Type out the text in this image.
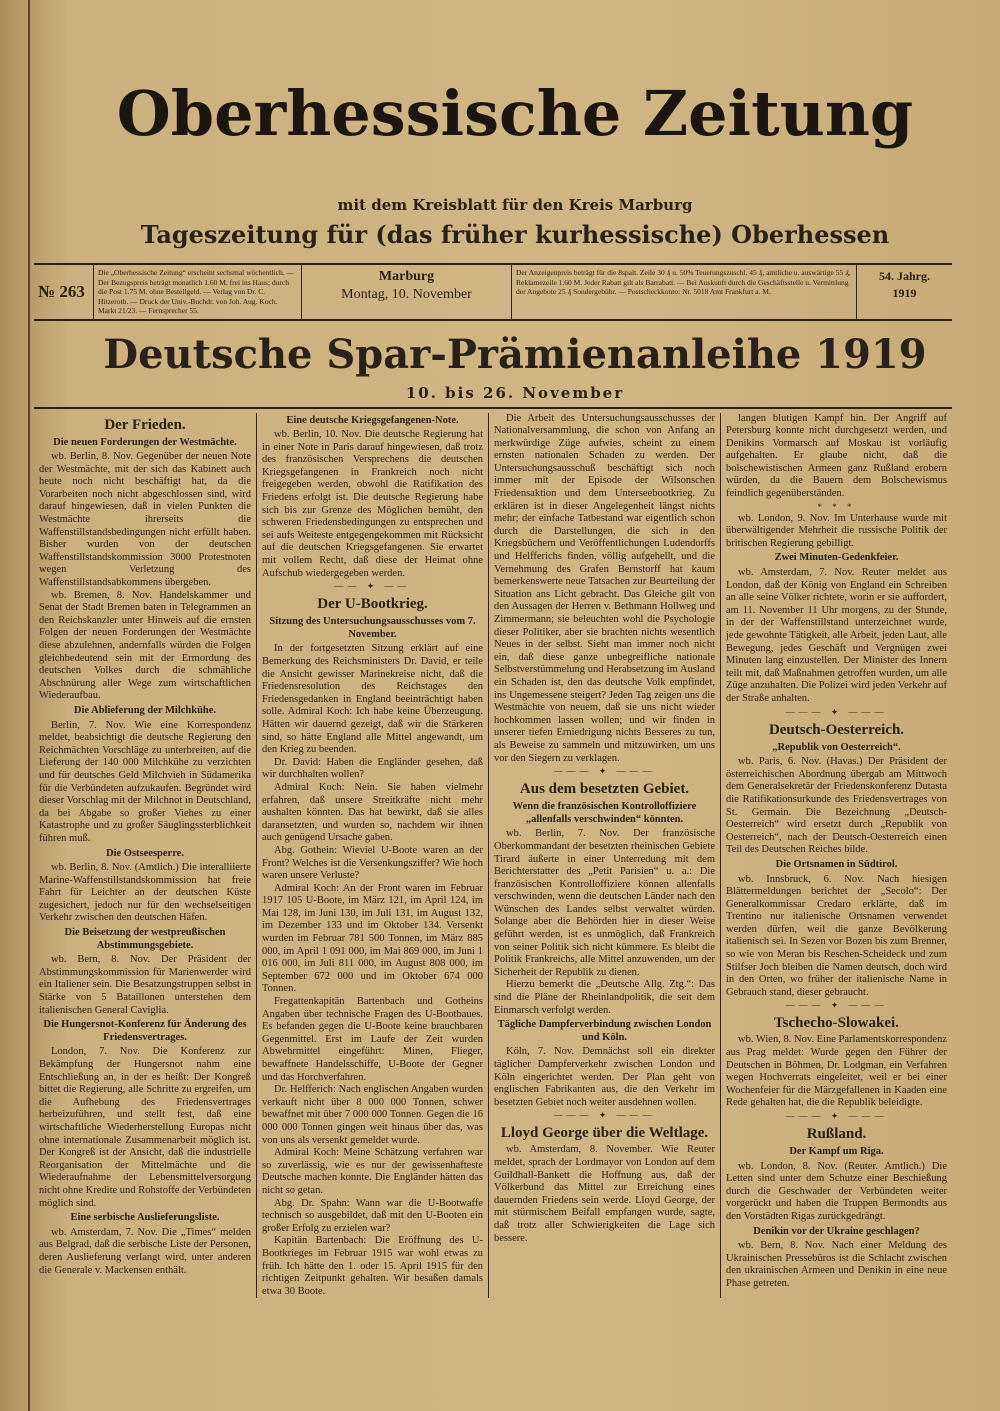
Oberhessische Zeitung
mit dem Kreisblatt für den Kreis Marburg
Tageszeitung für (das früher kurhessische) Oberhessen
№ 263
Die „Oberhessische Zeitung“ erscheint sechsmal wöchentlich. — Der Bezugspreis beträgt monatlich 1.60 M. frei ins Haus; durch die Post 1.75 M. ohne Bestellgeld. — Verlag von Dr. C. Hitzeroth. — Druck der Univ.-Buchdr. von Joh. Aug. Koch. Markt 21/23. — Fernsprecher 55.
Marburg
Montag, 10. November
Der Anzeigenpreis beträgt für die 8spalt. Zeile 30 ₰ u. 50% Teuerungszuschl. 45 ₰, amtliche u. auswärtige 55 ₰, Reklamezeile 1.60 M. Jeder Rabatt gilt als Barrabatt. — Bei Auskunft durch die Geschäftsstelle u. Vermittlung der Angebote 25 ₰ Sondergebühr. — Postscheckkonto: Nr. 5018 Amt Frankfurt a. M.
54. Jahrg.
1919
Deutsche Spar-Prämienanleihe 1919
10. bis 26. November
Der Frieden.
Die neuen Forderungen der Westmächte.
wb. Berlin, 8. Nov. Gegenüber der neuen Note der Westmächte, mit der sich das Kabinett auch heute noch nicht beschäftigt hat, da die Vorarbeiten noch nicht abgeschlossen sind, wird darauf hingewiesen, daß in vielen Punkten die Westmächte ihrerseits die Waffenstillstandsbedingungen nicht erfüllt haben. Bisher wurden von der deutschen Waffenstillstandskommission 3000 Protestnoten wegen Verletzung des Waffenstillstandsabkommens übergeben.
wb. Bremen, 8. Nov. Handelskammer und Senat der Stadt Bremen baten in Telegrammen an den Reichskanzler unter Hinweis auf die ernsten Folgen der neuen Forderungen der Westmächte diese abzulehnen, andernfalls würden die Folgen gleichbedeutend sein mit der Ermordung des deutschen Volkes durch die schmähliche Abschnürung aller Wege zum wirtschaftlichen Wiederaufbau.
Die Ablieferung der Milchkühe.
Berlin, 7. Nov. Wie eine Korrespondenz meldet, beabsichtigt die deutsche Regierung den Reichmächten Vorschläge zu unterbreiten, auf die Lieferung der 140 000 Milchkühe zu verzichten und für deutsches Geld Milchvieh in Südamerika für die Verbündeten aufzukaufen. Begründet wird dieser Vorschlag mit der Milchnot in Deutschland, da bei Abgabe so großer Viehes zu einer Katastrophe und zu großer Säuglingssterblichkeit führen muß.
Die Ostseesperre.
wb. Berlin, 8. Nov. (Amtlich.) Die interalliierte Marine-Waffenstillstandskommission hat freie Fahrt für Leichter an der deutschen Küste zugesichert, jedoch nur für den wechselseitigen Verkehr zwischen den deutschen Häfen.
Die Beisetzung der westpreußischen Abstimmungsgebiete.
wb. Bern, 8. Nov. Der Präsident der Abstimmungskommission für Marienwerder wird ein Italiener sein. Die Besatzungstruppen selbst in Stärke von 5 Bataillonen unterstehen dem italienischen General Caviglia.
Die Hungersnot-Konferenz für Änderung des Friedensvertrages.
London, 7. Nov. Die Konferenz zur Bekämpfung der Hungersnot nahm eine Entschließung an, in der es heißt: Der Kongreß bittet die Regierung, alle Schritte zu ergreifen, um die Aufhebung des Friedensvertrages herbeizuführen, und stellt fest, daß eine wirtschaftliche Wiederherstellung Europas nicht ohne internationale Zusammenarbeit möglich ist. Der Kongreß ist der Ansicht, daß die industrielle Reorganisation der Mittelmächte und die Wiederaufnahme der Lebensmittelversorgung nicht ohne Kredite und Rohstoffe der Verbündeten möglich sind.
Eine serbische Auslieferungsliste.
wb. Amsterdam, 7. Nov. Die „Times“ melden aus Belgrad, daß die serbische Liste der Personen, deren Auslieferung verlangt wird, unter anderen die Generale v. Mackensen enthält.
Eine deutsche Kriegsgefangenen-Note.
wb. Berlin, 10. Nov. Die deutsche Regierung hat in einer Note in Paris darauf hingewiesen, daß trotz des französischen Versprechens die deutschen Kriegsgefangenen in Frankreich noch nicht freigegeben werden, obwohl die Ratifikation des Friedens erfolgt ist. Die deutsche Regierung habe sich bis zur Grenze des Möglichen bemüht, den schweren Friedensbedingungen zu entsprechen und sei aufs Weiteste entgegengekommen mit Rücksicht auf die deutschen Kriegsgefangenen. Sie erwartet mit vollem Recht, daß diese der Heimat ohne Aufschub wiedergegeben werden.
—— ✦ ——
Der U-Bootkrieg.
Sitzung des Untersuchungsausschusses vom 7. November.
In der fortgesetzten Sitzung erklärt auf eine Bemerkung des Reichsministers Dr. David, er teile die Ansicht gewisser Marinekreise nicht, daß die Friedensresolution des Reichstages den Friedensgedanken in England beeinträchtigt haben solle. Admiral Koch: Ich habe keine Überzeugung. Hätten wir dauernd gezeigt, daß wir die Stärkeren sind, so hätte England alle Mittel angewandt, um den Krieg zu beenden.
Dr. David: Haben die Engländer gesehen, daß wir durchhalten wollen?
Admiral Koch: Nein. Sie haben vielmehr erfahren, daß unsere Streitkräfte nicht mehr aushalten könnten. Das hat bewirkt, daß sie alles daransetzten, und wurden so, nachdem wir ihnen auch genügend Ursache gaben.
Abg. Gothein: Wieviel U-Boote waren an der Front? Welches ist die Versenkungsziffer? Wie hoch waren unsere Verluste?
Admiral Koch: An der Front waren im Februar 1917 105 U-Boote, im März 121, im April 124, im Mai 128, im Juni 130, im Juli 131, im August 132, im Dezember 133 und im Oktober 134. Versenkt wurden im Februar 781 500 Tonnen, im März 885 000, im April 1 091 000, im Mai 869 000, im Juni 1 016 000, im Juli 811 000, im August 808 000, im September 672 000 und im Oktober 674 000 Tonnen.
Fregattenkapitän Bartenbach und Gotheins Angaben über technische Fragen des U-Bootbaues. Es befanden gegen die U-Boote keine brauchbaren Gegenmittel. Erst im Laufe der Zeit wurden Abwehrmittel eingeführt: Minen, Flieger, bewaffnete Handelsschiffe, U-Boote der Gegner und das Horchverfahren.
Dr. Helfferich: Nach englischen Angaben wurden verkauft nicht über 8 000 000 Tonnen, schwer bewaffnet mit über 7 000 000 Tonnen. Gegen die 16 000 000 Tonnen gingen weit hinaus über das, was von uns als versenkt gemeldet wurde.
Admiral Koch: Meine Schätzung verfahren war so zuverlässig, wie es nur der gewissenhafteste Deutsche machen konnte. Die Engländer hätten das nicht so getan.
Abg. Dr. Spahn: Wann war die U-Bootwaffe technisch so ausgebildet, daß mit den U-Booten ein großer Erfolg zu erzielen war?
Kapitän Bartenbach: Die Eröffnung des U-Bootkrieges im Februar 1915 war wohl etwas zu früh. Ich hätte den 1. oder 15. April 1915 für den richtigen Zeitpunkt gehalten. Wir besaßen damals etwa 30 Boote.
Die Arbeit des Untersuchungsausschusses der Nationalversammlung, die schon von Anfang an merkwürdige Züge aufwies, scheint zu einem ernsten nationalen Schaden zu werden. Der Untersuchungsausschuß beschäftigt sich noch immer mit der Episode der Wilsonschen Friedensaktion und dem Unterseebootkrieg. Zu erklären ist in dieser Angelegenheit längst nichts mehr; der einfache Tatbestand war eigentlich schon durch die Darstellungen, die sich in den Kriegsbüchern und Veröffentlichungen Ludendorffs und Helfferichs finden, völlig aufgehellt, und die Vernehmung des Grafen Bernstorff hat kaum bemerkenswerte neue Tatsachen zur Beurteilung der Situation ans Licht gebracht. Das Gleiche gilt von den Aussagen der Herren v. Bethmann Hollweg und Zimmermann; sie beleuchten wohl die Psychologie dieser Politiker, aber sie brachten nichts wesentlich Neues in der selbst. Sieht man immer noch nicht ein, daß diese ganze unbegreifliche nationale Selbstverstümmelung und Herabsetzung im Ausland ein Schaden ist, den das deutsche Volk empfindet, ins Ungemessene steigert? Jeden Tag zeigen uns die Westmächte von neuem, daß sie uns nicht wieder hochkommen lassen wollen; und wir finden in unserer tiefen Erniedrigung nichts Besseres zu tun, als Beweise zu sammeln und mitzuwirken, um uns vor den Siegern zu verklagen.
——— ✦ ———
Aus dem besetzten Gebiet.
Wenn die französischen Kontrolloffiziere „allenfalls verschwinden“ könnten.
wb. Berlin, 7. Nov. Der französische Oberkommandant der besetzten rheinischen Gebiete Tirard äußerte in einer Unterredung mit dem Berichterstatter des „Petit Parisien“ u. a.: Die französischen Kontrolloffiziere können allenfalls verschwinden, wenn die deutschen Länder nach den Wünschen des Landes selbst verwaltet würden. Solange aber die Behörden hier in dieser Weise geführt werden, ist es unmöglich, daß Frankreich von seiner Politik sich nicht kümmere. Es bleibt die Politik Frankreichs, alle Mittel anzuwenden, um der Sicherheit der Republik zu dienen.
Hierzu bemerkt die „Deutsche Allg. Ztg.“: Das sind die Pläne der Rheinlandpolitik, die seit dem Einmarsch verfolgt werden.
Tägliche Dampferverbindung zwischen London und Köln.
Köln, 7. Nov. Demnächst soll ein direkter täglicher Dampferverkehr zwischen London und Köln eingerichtet werden. Der Plan geht von englischen Fabrikanten aus, die den Verkehr im besetzten Gebiet noch weiter ausdehnen wollen.
——— ✦ ———
Lloyd George über die Weltlage.
wb. Amsterdam, 8. November. Wie Reuter meldet, sprach der Lordmayor von London auf dem Guildhall-Bankett die Hoffnung aus, daß der Völkerbund das Mittel zur Erreichung eines dauernden Friedens sein werde. Lloyd George, der mit stürmischem Beifall empfangen wurde, sagte, daß trotz aller Schwierigkeiten die Lage sich bessere.
langen blutigen Kampf hin. Der Angriff auf Petersburg konnte nicht durchgesetzt werden, und Denikins Vormarsch auf Moskau ist vorläufig aufgehalten. Er glaube nicht, daß die bolschewistischen Armeen ganz Rußland erobern würden, da die Bauern dem Bolschewismus feindlich gegenüberständen.
* * *
wb. London, 9. Nov. Im Unterhause wurde mit überwältigender Mehrheit die russische Politik der britischen Regierung gebilligt.
Zwei Minuten-Gedenkfeier.
wb. Amsterdam, 7. Nov. Reuter meldet aus London, daß der König von England ein Schreiben an alle seine Völker richtete, worin er sie auffordert, am 11. November 11 Uhr morgens, zu der Stunde, in der der Waffenstillstand unterzeichnet wurde, jede gewohnte Tätigkeit, alle Arbeit, jeden Laut, alle Bewegung, jedes Geschäft und Vergnügen zwei Minuten lang einzustellen. Der Minister des Innern teilt mit, daß Maßnahmen getroffen wurden, um alle Züge anzuhalten. Die Polizei wird jeden Verkehr auf der Straße anhalten.
——— ✦ ———
Deutsch-Oesterreich.
„Republik von Oesterreich“.
wb. Paris, 6. Nov. (Havas.) Der Präsident der österreichischen Abordnung übergab am Mittwoch dem Generalsekretär der Friedenskonferenz Dutasta die Ratifikationsurkunde des Friedensvertrages von St. Germain. Die Bezeichnung „Deutsch-Oesterreich“ wird ersetzt durch „Republik von Oesterreich“, nach der Deutsch-Oesterreich einen Teil des Deutschen Reiches bilde.
Die Ortsnamen in Südtirol.
wb. Innsbruck, 6. Nov. Nach hiesigen Blättermeldungen berichtet der „Secolo“: Der Generalkommissar Credaro erklärte, daß im Trentino nur italienische Ortsnamen verwendet werden dürfen, weil die ganze Bevölkerung italienisch sei. In Sezen vor Bozen bis zum Brenner, so wie von Meran bis Reschen-Scheideck und zum Stilfser Joch bleiben die Namen deutsch, doch wird in den Orten, wo früher der italienische Name in Gebrauch stand, dieser gebraucht.
——— ✦ ———
Tschecho-Slowakei.
wb. Wien, 8. Nov. Eine Parlamentskorrespondenz aus Prag meldet: Wurde gegen den Führer der Deutschen in Böhmen, Dr. Lodgman, ein Verfahren wegen Hochverrats eingeleitet, weil er bei einer Wochenfeier für die Märzgefallenen in Kaaden eine Rede gehalten hat, die die Republik beleidigte.
——— ✦ ———
Rußland.
Der Kampf um Riga.
wb. London, 8. Nov. (Reuter. Amtlich.) Die Letten sind unter dem Schutze einer Beschießung durch die Geschwader der Verbündeten weiter vorgerückt und haben die Truppen Bermondts aus den Vorstädten Rigas zurückgedrängt.
Denikin vor der Ukraine geschlagen?
wb. Bern, 8. Nov. Nach einer Meldung des Ukrainischen Pressebüros ist die Schlacht zwischen den ukrainischen Armeen und Denikin in eine neue Phase getreten.
